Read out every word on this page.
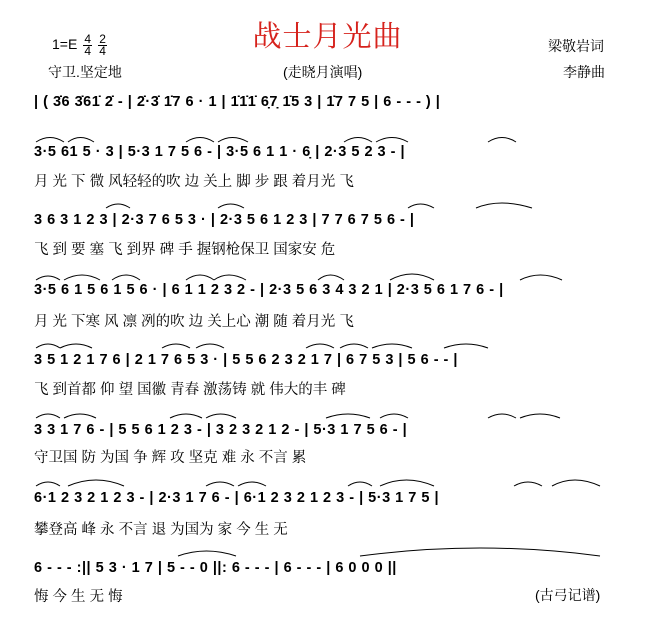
战士月光曲
$1=E \frac{4}{4}$
$\frac{2}{4}$
守卫.坚定地	(走晓月演唱)
梁敬岩词
李静曲
| ( 3̇6 3̇61̇ 2̇ - | 2̇·3̇ 1̇7 6 · 1 | 1̇1̇1̇ 6̣7̣ 1̇5 3 | 1̇7 7 5 | 6 - - - ) |
3·5 61 5 · 3 | 5·3 1 7 5 6 - | 3·5 6 1 1 · 6̣ | 2·3 5 2 3 - |
月 光 下 微 风轻轻的吹 边 关上 脚 步 跟 着月光 飞
3 6 3 1 2 3 | 2·3 7 6 5 3 · | 2·3 5 6 1 2 3 | 7 7 6 7 5 6 - |
飞 到 要 塞 飞 到界 碑 手 握钢枪保卫 国家安 危
3·5 6 1 5 6 1 5 6 · | 6 1 1 2 3 2 - | 2·3 5 6 3 4 3 2 1 | 2·3 5 6 1 7 6 - |
月 光 下寒 风 凛 冽的吹 边 关上心 潮 随 着月光 飞
3 5 1 2 1 7 6 | 2 1 7 6 5 3 · | 5 5 6 2 3 2 1 7 | 6 7 5 3 | 5 6 - - |
飞 到首都 仰 望 国徽 青春 激荡铸 就 伟大的丰 碑
3 3 1 7 6 - | 5 5 6 1 2 3 - | 3 2 3 2 1 2 - | 5·3 1 7 5 6 - |
守卫国 防 为国 争 辉 攻 坚克 难 永 不言 累
6·1 2 3 2 1 2 3 - | 2·3 1 7 6 - | 6·1 2 3 2 1 2 3 - | 5·3 1 7 5 |
攀登高 峰 永 不言 退 为国为 家 今 生 无
6 - - - :|| 5 3 · 1 7 | 5 - - 0 ||: 6 - - - | 6 - - - | 6 0 0 0 ||
悔 今 生 无 悔	(古弓记谱)
